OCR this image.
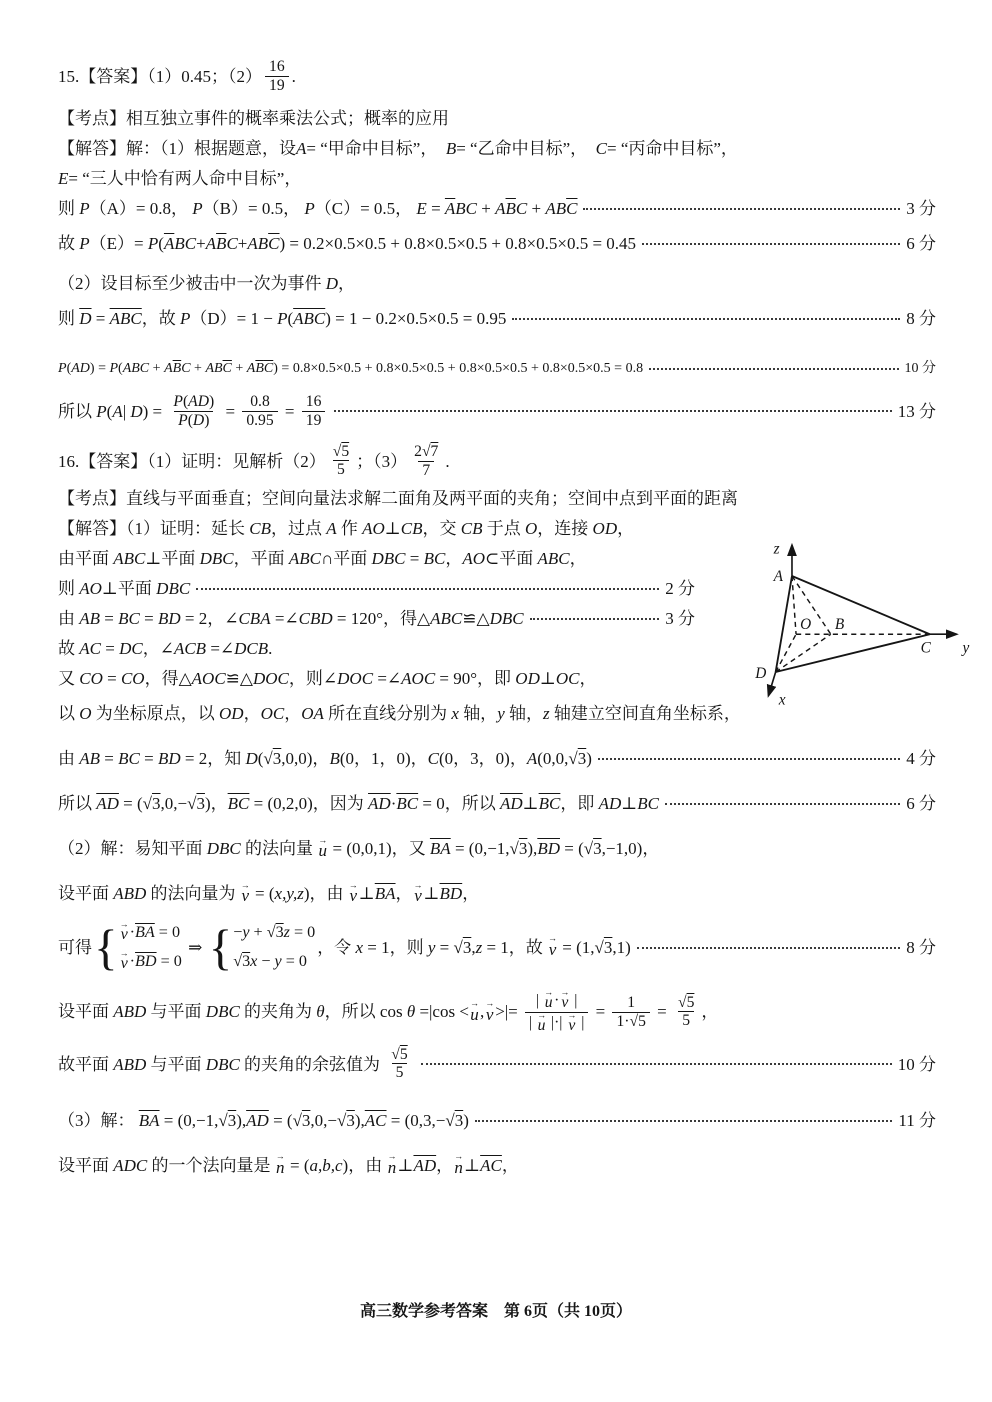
15.【答案】（1）0.45；$(2) \frac{16}{19}$ .
【考点】相互独立事件的概率乘法公式；概率的应用
【解答】解：（1）根据题意，设 A = “甲命中目标”，　 B = “乙命中目标”，　 C = “丙命中目标”，
E = “三人中恰有两人命中目标”，
则 P （A）= 0.8， P （B）= 0.5， P （C）= 0.5， $E = \overline{A}$ BC + A $\overline{B}$ C + AB $\overline{C}$	3 分
故 P （E）= P ( $\overline{A}$ BC + A $\overline{B}$ C + AB $\overline{C}$ ) = 0.2×0.5×0.5 + 0.8×0.5×0.5 + 0.8×0.5×0.5 = 0.45	6 分
（2）设目标至少被击中一次为事件 D ，
则 $\overline{D} = \overline{ABC}$ ，故 P （D）= 1 − P ( $\overline{ABC}$ ) = 1 − 0.2×0.5×0.5 = 0.95	8 分
P ( AD ) = P ( ABC + A $\overline{B}$ C + AB $\overline{C} + A$ $\overline{B}$ $\overline{C}$ ) = 0.8×0.5×0.5 + 0.8×0.5×0.5 + 0.8×0.5×0.5 + 0.8×0.5×0.5 = 0.8	10 分
所以 P ( A | D ) = $\frac{P ( AD )}{P ( D )} = \frac{0.8}{0.95} = \frac{16}{19}$	13 分
16.【答案】（1）证明：见解析$(2) \frac{√ 5}{5}$ ；$(3) \frac{2 √ 7}{7}$ .
【考点】直线与平面垂直；空间向量法求解二面角及两平面的夹角；空间中点到平面的距离
【解答】（1）证明：延长 CB ，过点 A 作 AO ⊥ CB ，交 CB 于点 O ，连接 OD ，
由平面 ABC ⊥平面 DBC ，平面 ABC ∩平面 DBC = BC ， AO ⊂平面 ABC ，
则 AO ⊥平面 DBC	2 分
由 AB = BC = BD = 2，∠ CBA =∠ CBD = 120°，得△ ABC ≌△ DBC	3 分
故 AC = DC ，∠ ACB =∠ DCB .
又 CO = CO ，得△ AOC ≌△ DOC ，则∠ DOC =∠ AOC = 90°，即 OD ⊥ OC ，
以 O 为坐标原点，以 OD ， OC ， OA 所在直线分别为 x 轴， y 轴， z 轴建立空间直角坐标系，
由 AB = BC = BD = 2，知 D ( √ 3 ,0,0)， B (0，1，0)， C (0，3，0)， A (0,0, √ 3 )	4 分
所以 $\overline{AD}$ = ( √ 3 ,0,− √ 3 )， $\overline{BC} = (0,2,0)$，因为 $\overline{AD} \cdot \overline{BC} = 0$，所以 $\overline{AD}$ ⊥ $\overline{BC}$ ，即 AD ⊥ BC	6 分
（2）解：易知平面 DBC 的法向量 →
u = (0,0,1)，又 $\overline{BA} = (0,-1$, √ 3 ), $\overline{BD}$ = ( √ 3 ,−1,0)，
设平面 ABD 的法向量为 →
v = ( x,y,z )，由 →
v ⊥ $\overline{BA}$ ， →
v ⊥ $\overline{BD}$ ，
可得 { →
$v \cdot \overline{BA} = 0$
→
$v \cdot \overline{BD} = 0$
⇒ { − y + √ 3 z = 0
√ 3 x − y = 0
，令 x = 1，则 y = √ 3 , z = 1，故 →
v = (1, √ 3 ,1)	8 分
设平面 ABD 与平面 DBC 的夹角为 θ ，所以 cos θ =|cos < →
u , →
v >|= | →
u · →
v |
| →
u |·| →
v | = $\frac{1}{1\cdot √ 5} = \frac{√ 5}{5}$ ，
故平面 ABD 与平面 DBC 的夹角的余弦值为 $\frac{√ 5}{5}$	10 分
（3）解： $\overline{BA} = (0,-1$, √ 3 ), $\overline{AD}$ = ( √ 3 ,0,− √ 3 ), $\overline{AC} = (0,3,-$ √ 3 )	11 分
设平面 ADC 的一个法向量是 →
n = ( a,b,c )，由 →
n ⊥ $\overline{AD}$ ， →
n ⊥ $\overline{AC}$ ，
z
A
O B
C y
D
x
高三数学参考答案　第 6页（共 10页）
